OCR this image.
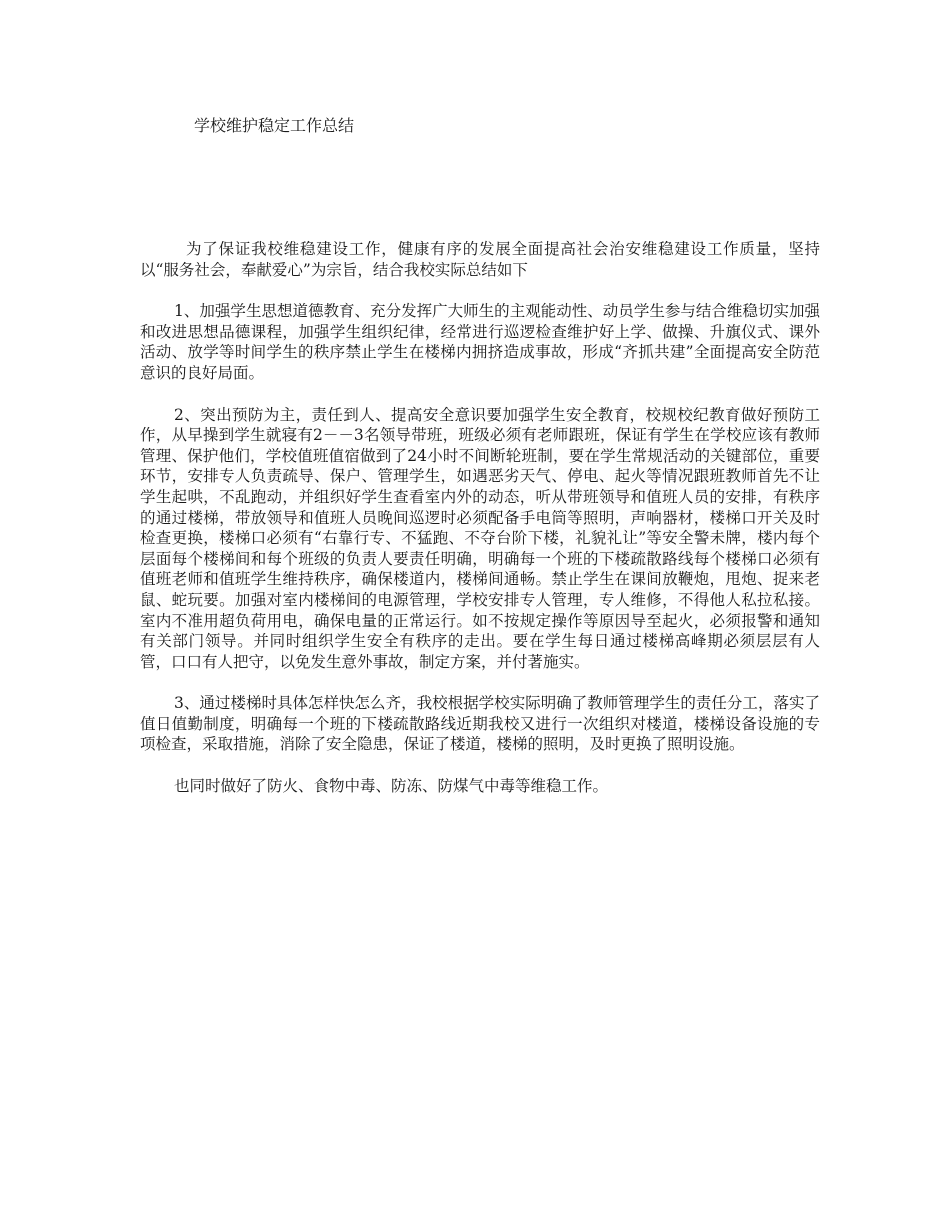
学校维护稳定工作总结

为了保证我校维稳建设工作，健康有序的发展全面提高社会治安维稳建设工作质量，坚持以“服务社会，奉献爱心”为宗旨，结合我校实际总结如下

1、加强学生思想道德教育、充分发挥广大师生的主观能动性、动员学生参与结合维稳切实加强和改进思想品德课程，加强学生组织纪律，经常进行巡逻检查维护好上学、做操、升旗仪式、课外活动、放学等时间学生的秩序禁止学生在楼梯内拥挤造成事故，形成“齐抓共建”全面提高安全防范意识的良好局面。

2、突出预防为主，责任到人、提高安全意识要加强学生安全教育，校规校纪教育做好预防工作，从早操到学生就寝有2－－3名领导带班，班级必须有老师跟班，保证有学生在学校应该有教师管理、保护他们，学校值班值宿做到了24小时不间断轮班制，要在学生常规活动的关键部位，重要环节，安排专人负责疏导、保户、管理学生，如遇恶劣天气、停电、起火等情况跟班教师首先不让学生起哄，不乱跑动，并组织好学生查看室内外的动态，听从带班领导和值班人员的安排，有秩序的通过楼梯，带放领导和值班人员晚间巡逻时必须配备手电筒等照明，声响器材，楼梯口开关及时检查更换，楼梯口必须有“右靠行专、不猛跑、不夺台阶下楼，礼貌礼让”等安全警未牌，楼内每个层面每个楼梯间和每个班级的负责人要责任明确，明确每一个班的下楼疏散路线每个楼梯口必须有值班老师和值班学生维持秩序，确保楼道内，楼梯间通畅。禁止学生在课间放鞭炮，甩炮、捉来老鼠、蛇玩要。加强对室内楼梯间的电源管理，学校安排专人管理，专人维修，不得他人私拉私接。室内不准用超负荷用电，确保电量的正常运行。如不按规定操作等原因导至起火，必须报警和通知有关部门领导。并同时组织学生安全有秩序的走出。要在学生每日通过楼梯高峰期必须层层有人管，口口有人把守，以免发生意外事故，制定方案，并付著施实。

3、通过楼梯时具体怎样快怎么齐，我校根据学校实际明确了教师管理学生的责任分工，落实了值日值勤制度，明确每一个班的下楼疏散路线近期我校又进行一次组织对楼道，楼梯设备设施的专项检查，采取措施，消除了安全隐患，保证了楼道，楼梯的照明，及时更换了照明设施。

也同时做好了防火、食物中毒、防冻、防煤气中毒等维稳工作。
